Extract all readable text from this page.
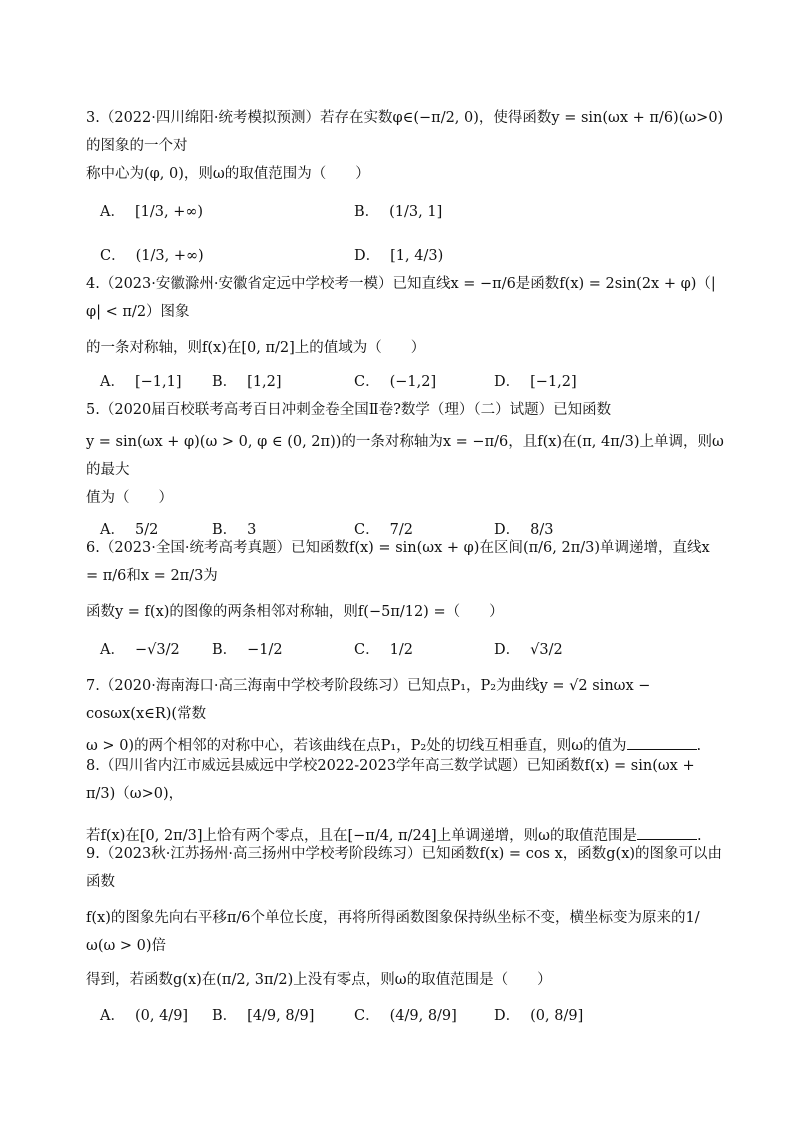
3.（2022·四川绵阳·统考模拟预测）若存在实数φ∈(−π/2, 0)，使得函数y = sin(ωx + π/6)(ω>0)的图象的一个对

称中心为(φ, 0)，则ω的取值范围为（　　）

A． [1/3, +∞)	B． (1/3, 1]
C． (1/3, +∞)	D． [1, 4/3)

4.（2023·安徽滁州·安徽省定远中学校考一模）已知直线x = −π/6是函数f(x) = 2sin(2x + φ)（|φ| < π/2）图象

的一条对称轴，则f(x)在[0, π/2]上的值域为（　　）

A． [−1,1] B． [1,2]	C． (−1,2]	D． [−1,2]

5.（2020届百校联考高考百日冲刺金卷全国Ⅱ卷?数学（理）（二）试题）已知函数

y = sin(ωx + φ)(ω > 0, φ ∈ (0, 2π))的一条对称轴为x = −π/6，且f(x)在(π, 4π/3)上单调，则ω的最大

值为（　　）

A． 5/2	B． 3	C． 7/2	D． 8/3

6.（2023·全国·统考高考真题）已知函数f(x) = sin(ωx + φ)在区间(π/6, 2π/3)单调递增，直线x = π/6和x = 2π/3为

函数y = f(x)的图像的两条相邻对称轴，则f(−5π/12) =（　　）

A． −√3/2 B． −1/2	C． 1/2	D． √3/2

7.（2020·海南海口·高三海南中学校考阶段练习）已知点P₁，P₂为曲线y = √2 sinωx − cosωx(x∈R)(常数

ω > 0)的两个相邻的对称中心，若该曲线在点P₁，P₂处的切线互相垂直，则ω的值为	.

8.（四川省内江市威远县威远中学校2022-2023学年高三数学试题）已知函数f(x) = sin(ωx + π/3)（ω>0)，

若f(x)在[0, 2π/3]上恰有两个零点，且在[−π/4, π/24]上单调递增，则ω的取值范围是	.

9.（2023秋·江苏扬州·高三扬州中学校考阶段练习）已知函数f(x) = cos x，函数g(x)的图象可以由函数

f(x)的图象先向右平移π/6个单位长度，再将所得函数图象保持纵坐标不变，横坐标变为原来的1/ω(ω > 0)倍

得到，若函数g(x)在(π/2, 3π/2)上没有零点，则ω的取值范围是（　　）

A． (0, 4/9] B． [4/9, 8/9]	C． (4/9, 8/9]	D． (0, 8/9]
